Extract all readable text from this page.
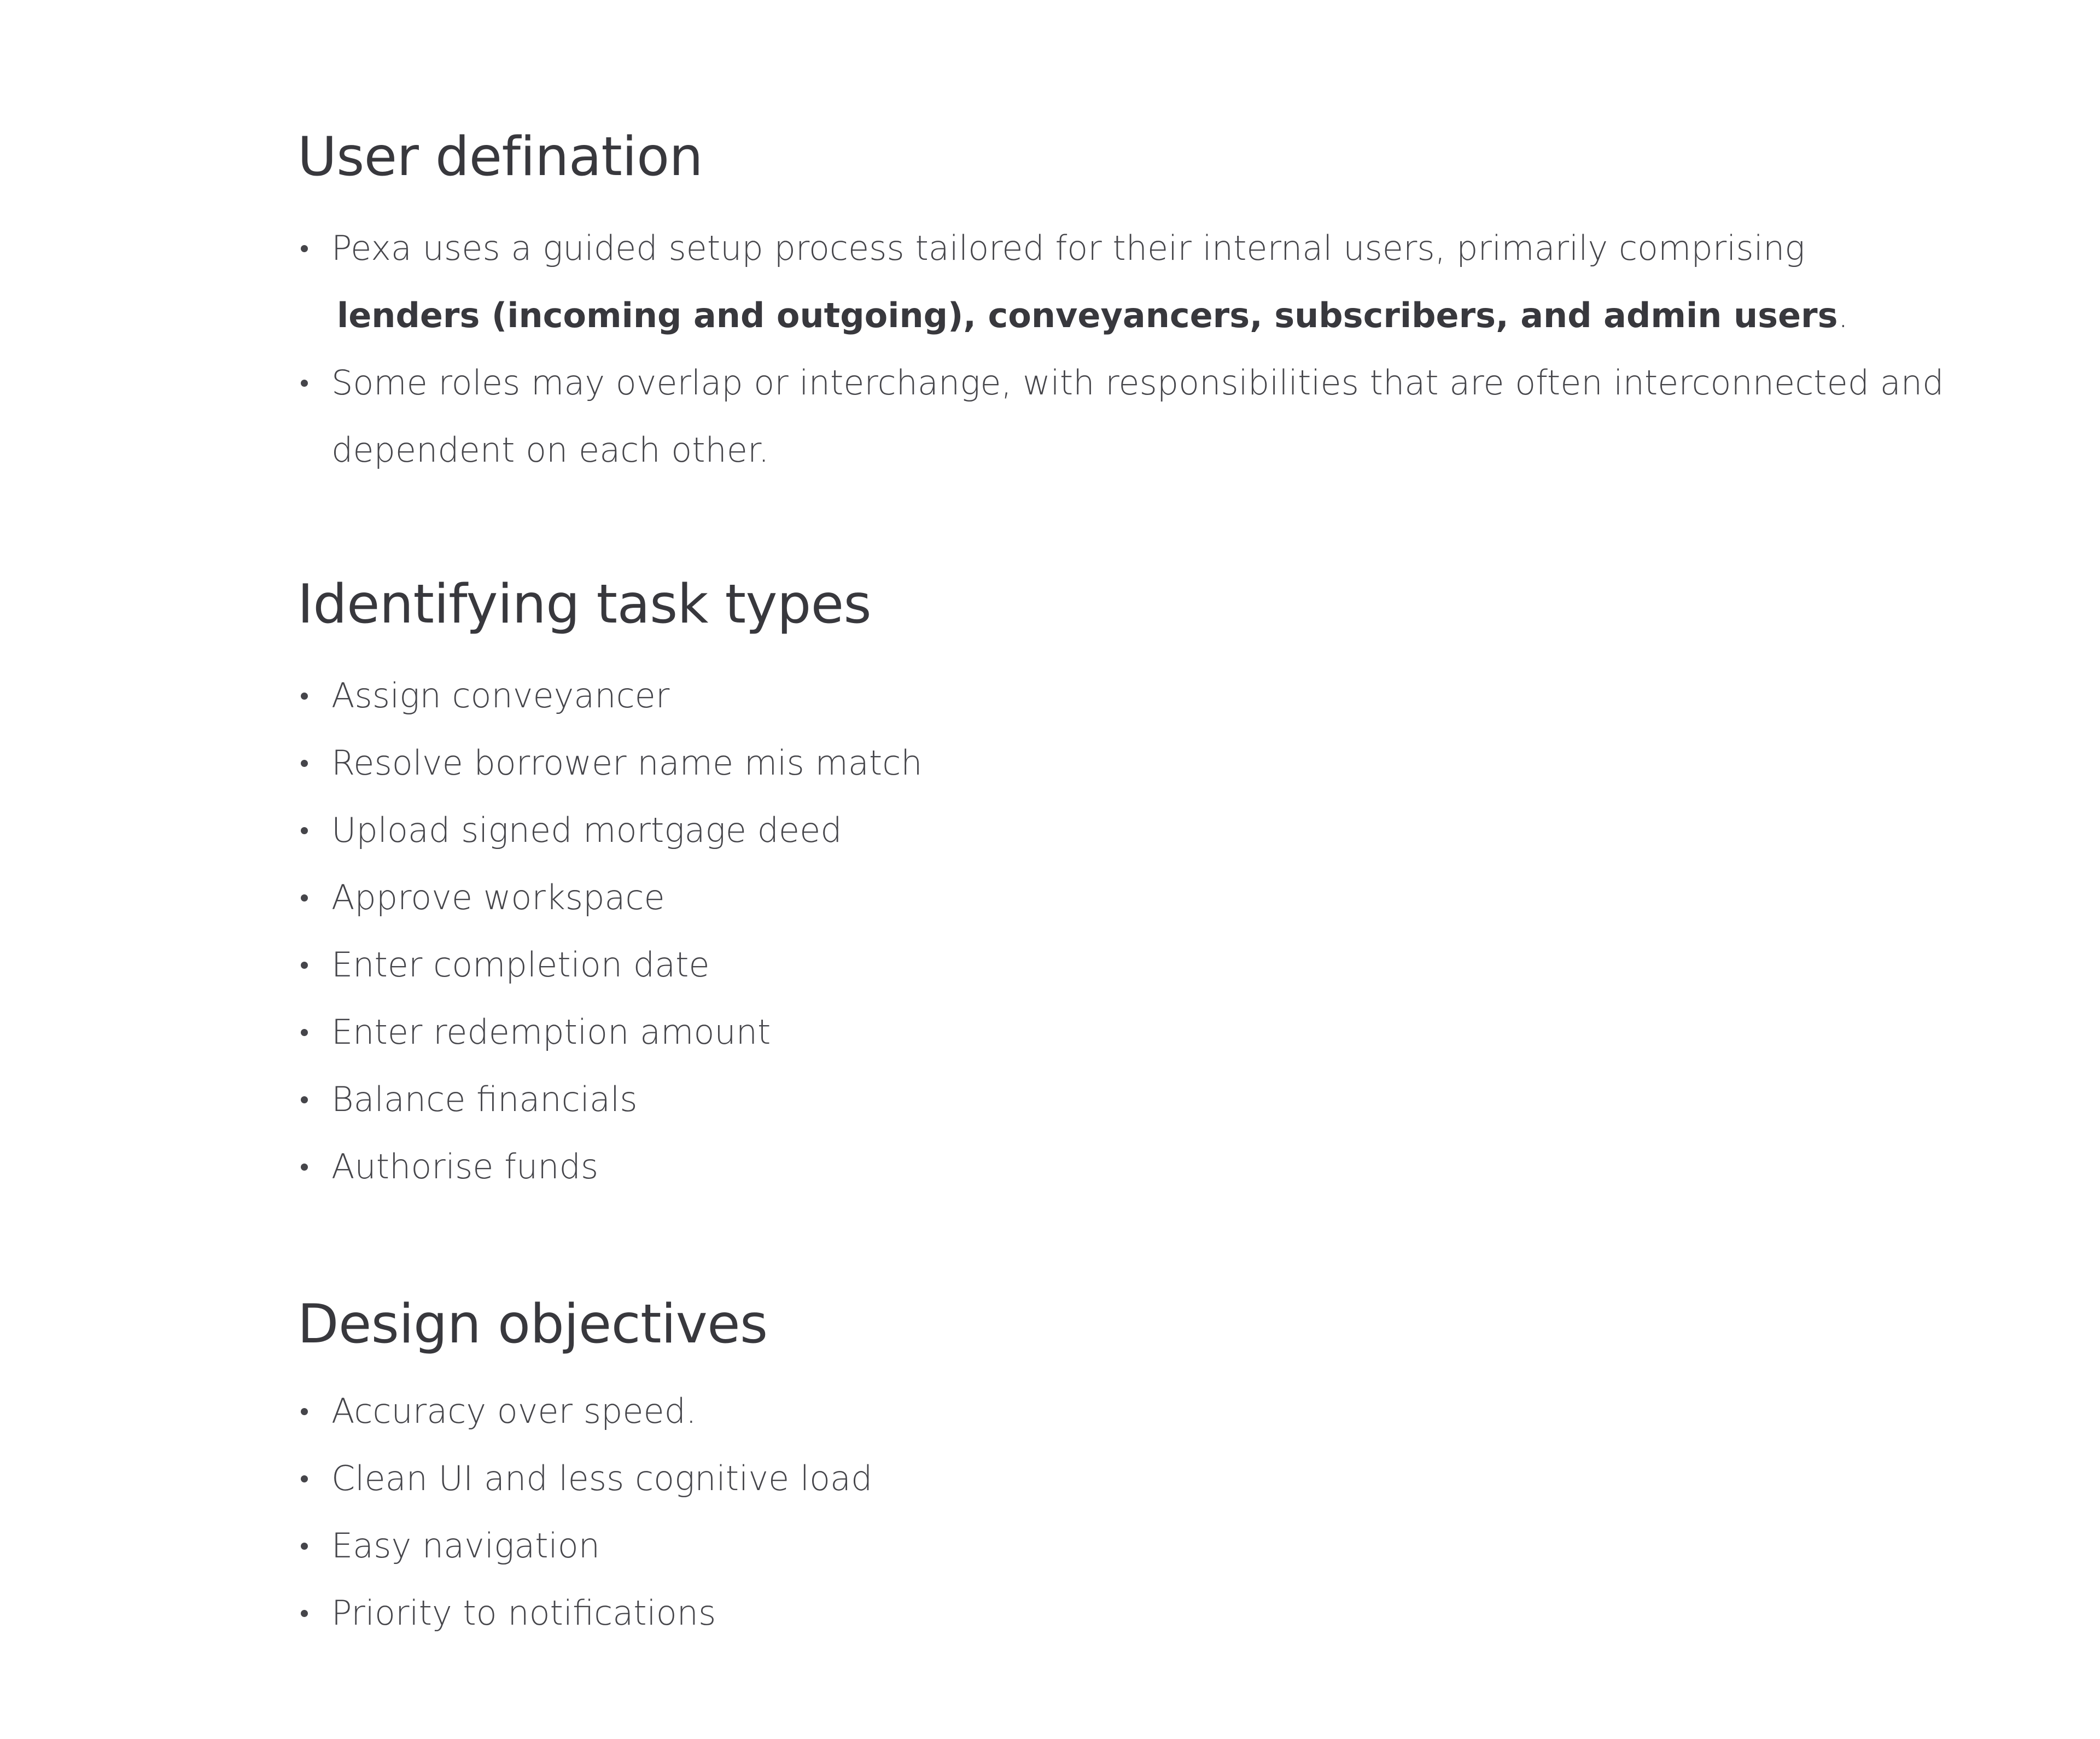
User defination
Pexa uses a guided setup process tailored for their internal users, primarily comprising
lenders (incoming and outgoing), conveyancers, subscribers, and admin users.
Some roles may overlap or interchange, with responsibilities that are often interconnected and
dependent on each other.
Identifying task types
Assign conveyancer
Resolve borrower name mis match
Upload signed mortgage deed
Approve workspace
Enter completion date
Enter redemption amount
Balance financials
Authorise funds
Design objectives
Accuracy over speed.
Clean UI and less cognitive load
Easy navigation
Priority to notifications
